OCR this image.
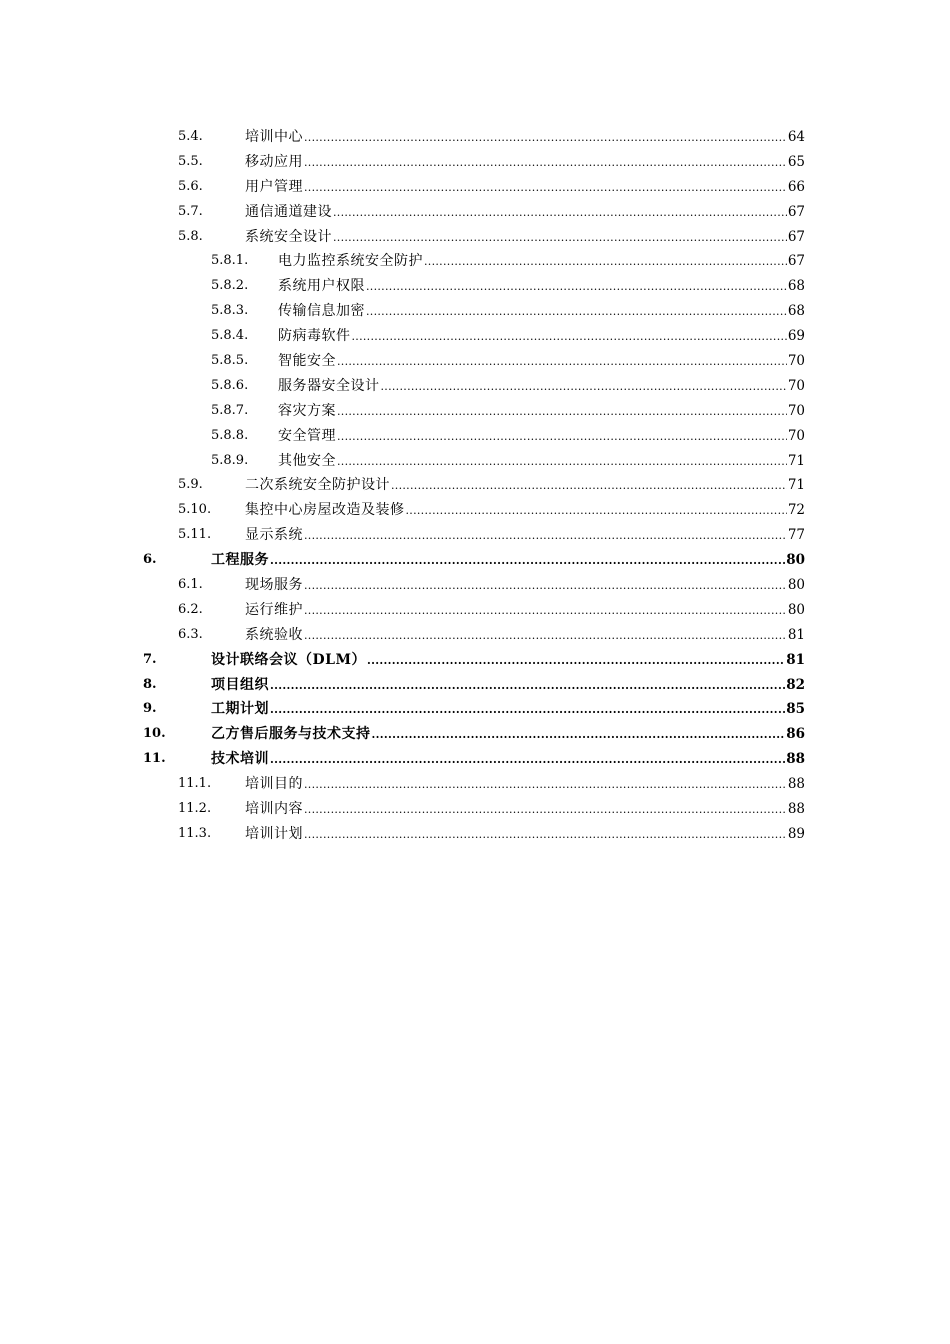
5.4.	培训中心 .....	64
5.5.	移动应用 .....	65
5.6.	用户管理 .....	66
5.7.	通信通道建设 .....	67
5.8.	系统安全设计 .....	67
5.8.1. 电力监控系统安全防护 .....	67
5.8.2. 系统用户权限 .....	68
5.8.3. 传输信息加密 .....	68
5.8.4. 防病毒软件 .....	69
5.8.5. 智能安全 .....	70
5.8.6. 服务器安全设计 .....	70
5.8.7. 容灾方案 .....	70
5.8.8. 安全管理 .....	70
5.8.9. 其他安全 .....	71
5.9.	二次系统安全防护设计 .....	71
5.10. 集控中心房屋改造及装修 .....	72
5.11. 显示系统 .....	77
6.	工程服务 .....	80
6.1.	现场服务 .....	80
6.2.	运行维护 .....	80
6.3.	系统验收 .....	81
7.	设计联络会议（DLM） .....	81
8.	项目组织 .....	82
9.	工期计划 .....	85
10.	乙方售后服务与技术支持 .....	86
11.	技术培训 .....	88
11.1. 培训目的 .....	88
11.2. 培训内容 .....	88
11.3. 培训计划 .....	89
